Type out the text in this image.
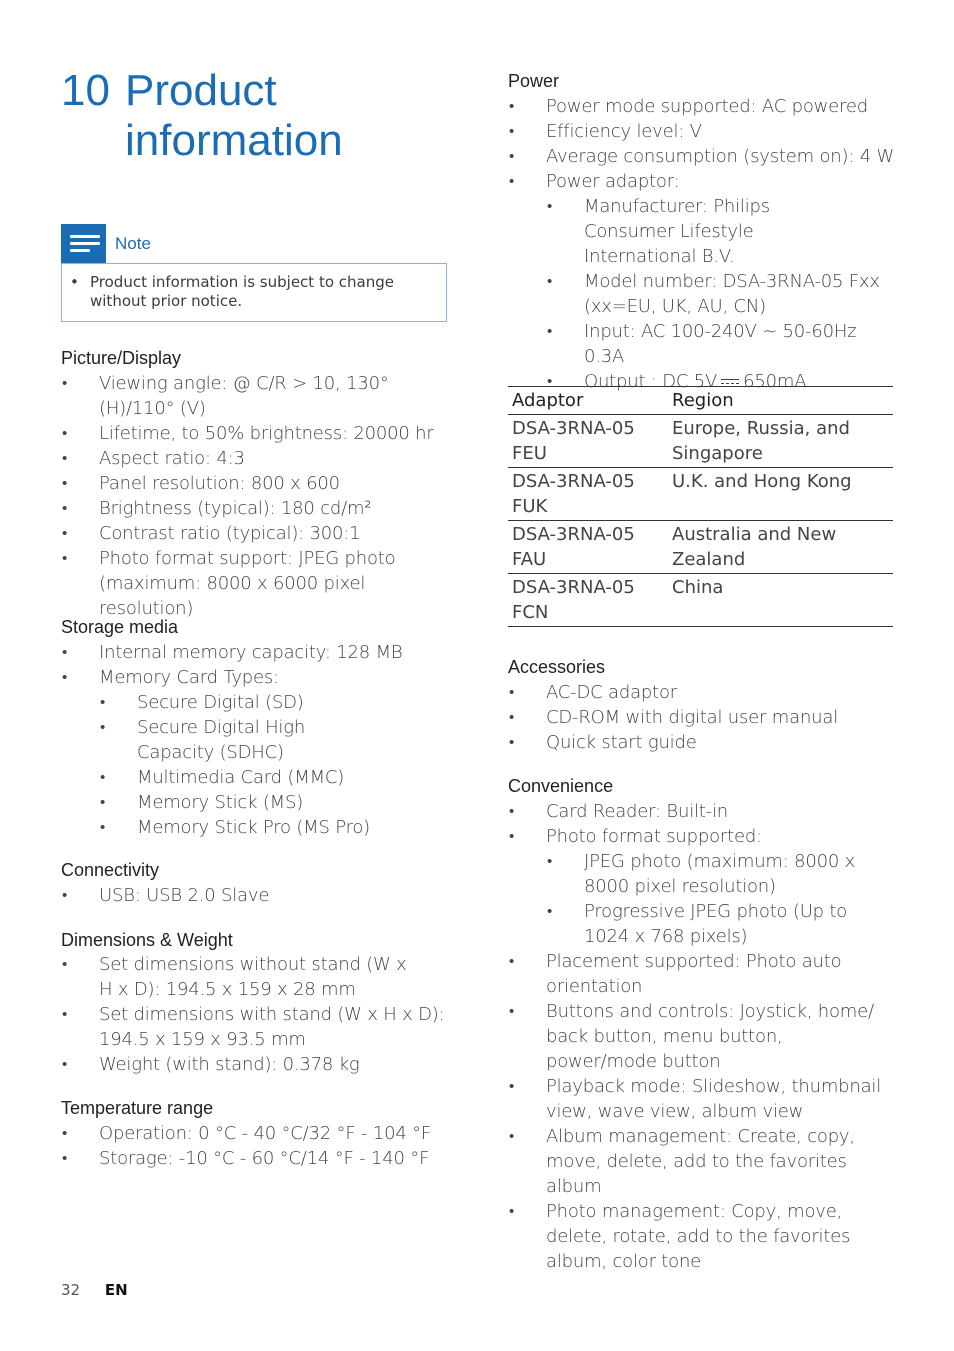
10 Product
information
Note
• Product information is subject to change without prior notice.
Picture/Display
• Viewing angle: @ C/R > 10, 130° (H)/110° (V)
• Lifetime, to 50% brightness: 20000 hr
• Aspect ratio: 4:3
• Panel resolution: 800 x 600
• Brightness (typical): 180 cd/m²
• Contrast ratio (typical): 300:1
• Photo format support: JPEG photo (maximum: 8000 x 6000 pixel resolution)
Storage media
• Internal memory capacity: 128 MB
• Memory Card Types:
• Secure Digital (SD)
• Secure Digital High Capacity (SDHC)
• Multimedia Card (MMC)
• Memory Stick (MS)
• Memory Stick Pro (MS Pro)
Connectivity
• USB: USB 2.0 Slave
Dimensions & Weight
• Set dimensions without stand (W x H x D): 194.5 x 159 x 28 mm
• Set dimensions with stand (W x H x D): 194.5 x 159 x 93.5 mm
• Weight (with stand): 0.378 kg
Temperature range
• Operation: 0 °C - 40 °C/32 °F - 104 °F
• Storage: -10 °C - 60 °C/14 °F - 140 °F
Power
• Power mode supported: AC powered
• Efficiency level: V
• Average consumption (system on): 4 W
• Power adaptor:
• Manufacturer: Philips Consumer Lifestyle International B.V.
• Model number: DSA-3RNA-05 Fxx (xx=EU, UK, AU, CN)
• Input: AC 100-240V ~ 50-60Hz 0.3A
• Output : DC 5V 650mA
Adaptor	Region
DSA-3RNA-05 FEU	Europe, Russia, and Singapore
DSA-3RNA-05 FUK	U.K. and Hong Kong
DSA-3RNA-05 FAU	Australia and New Zealand
DSA-3RNA-05 FCN	China
Accessories
• AC-DC adaptor
• CD-ROM with digital user manual
• Quick start guide
Convenience
• Card Reader: Built-in
• Photo format supported:
• JPEG photo (maximum: 8000 x 8000 pixel resolution)
• Progressive JPEG photo (Up to 1024 x 768 pixels)
• Placement supported: Photo auto orientation
• Buttons and controls: Joystick, home/ back button, menu button, power/mode button
• Playback mode: Slideshow, thumbnail view, wave view, album view
• Album management: Create, copy, move, delete, add to the favorites album
• Photo management: Copy, move, delete, rotate, add to the favorites album, color tone
32 EN
